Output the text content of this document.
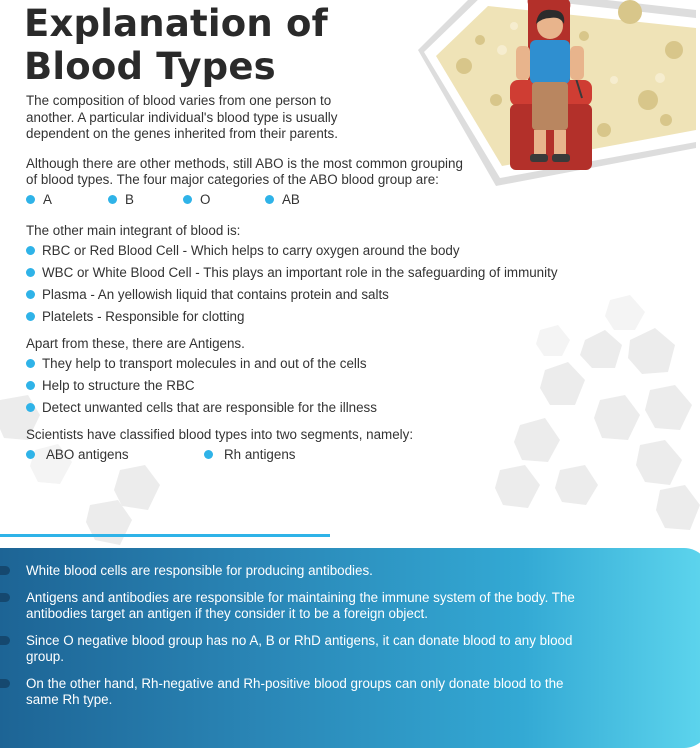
Explanation of
Blood Types

The composition of blood varies from one person to another. A particular individual's blood type is usually dependent on the genes inherited from their parents.

Although there are other methods, still ABO is the most common grouping of blood types. The four major categories of the ABO blood group are:

A	B	O	AB

The other main integrant of blood is:

RBC or Red Blood Cell - Which helps to carry oxygen around the body
WBC or White Blood Cell - This plays an important role in the safeguarding of immunity
Plasma - An yellowish liquid that contains protein and salts
Platelets - Responsible for clotting

Apart from these, there are Antigens.

They help to transport molecules in and out of the cells
Help to structure the RBC
Detect unwanted cells that are responsible for the illness

Scientists have classified blood types into two segments, namely:

ABO antigens	Rh antigens
White blood cells are responsible for producing antibodies.
Antigens and antibodies are responsible for maintaining the immune system of the body. The antibodies target an antigen if they consider it to be a foreign object.
Since O negative blood group has no A, B or RhD antigens, it can donate blood to any blood group.
On the other hand, Rh-negative and Rh-positive blood groups can only donate blood to the same Rh type.
